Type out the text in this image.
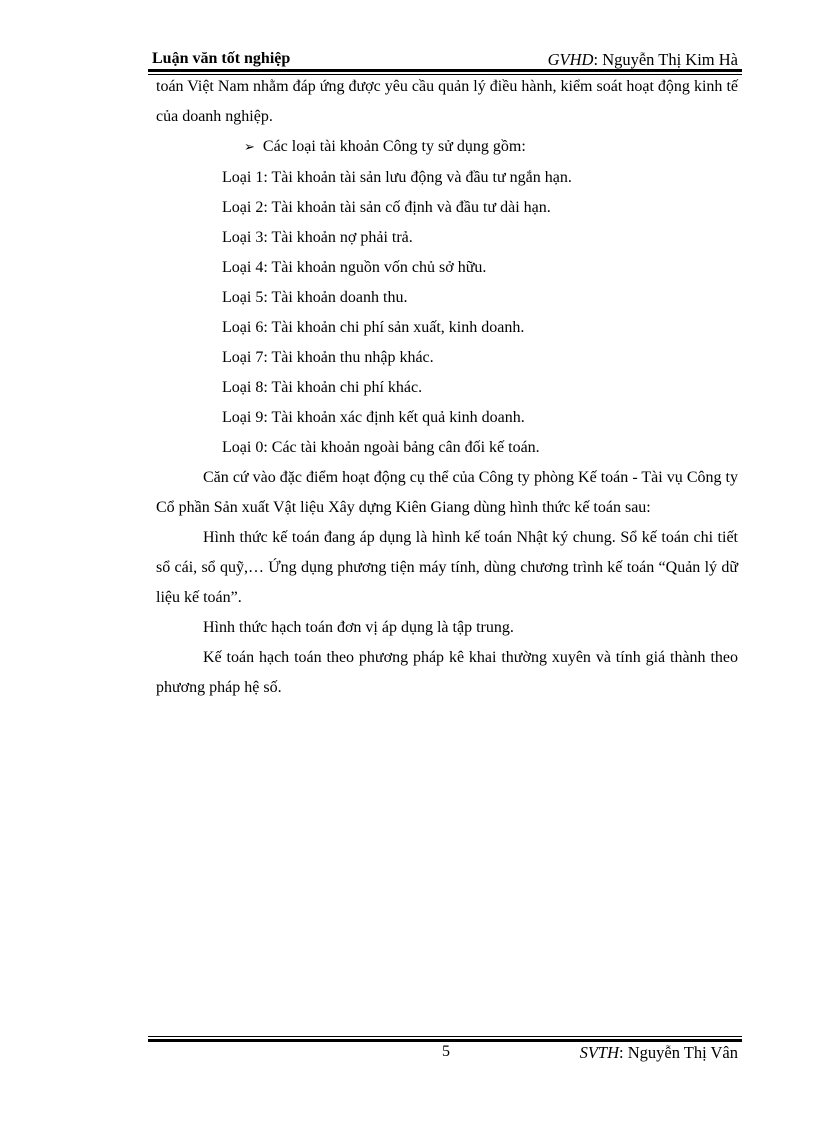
Luận văn tốt nghiệp	GVHD: Nguyễn Thị Kim Hà

toán Việt Nam nhằm đáp ứng được yêu cầu quản lý điều hành, kiểm soát hoạt động kinh tế của doanh nghiệp.

➢ Các loại tài khoản Công ty sử dụng gồm:

Loại 1: Tài khoản tài sản lưu động và đầu tư ngắn hạn.

Loại 2: Tài khoản tài sản cố định và đầu tư dài hạn.

Loại 3: Tài khoản nợ phải trả.

Loại 4: Tài khoản nguồn vốn chủ sở hữu.

Loại 5: Tài khoản doanh thu.

Loại 6: Tài khoản chi phí sản xuất, kinh doanh.

Loại 7: Tài khoản thu nhập khác.

Loại 8: Tài khoản chi phí khác.

Loại 9: Tài khoản xác định kết quả kinh doanh.

Loại 0: Các tài khoản ngoài bảng cân đối kế toán.

Căn cứ vào đặc điểm hoạt động cụ thể của Công ty phòng Kế toán - Tài vụ Công ty Cổ phần Sản xuất Vật liệu Xây dựng Kiên Giang dùng hình thức kế toán sau:

Hình thức kế toán đang áp dụng là hình kế toán Nhật ký chung. Sổ kế toán chi tiết sổ cái, sổ quỹ,… Ứng dụng phương tiện máy tính, dùng chương trình kế toán “Quản lý dữ liệu kế toán”.

Hình thức hạch toán đơn vị áp dụng là tập trung.

Kế toán hạch toán theo phương pháp kê khai thường xuyên và tính giá thành theo phương pháp hệ số.

5	SVTH: Nguyễn Thị Vân
